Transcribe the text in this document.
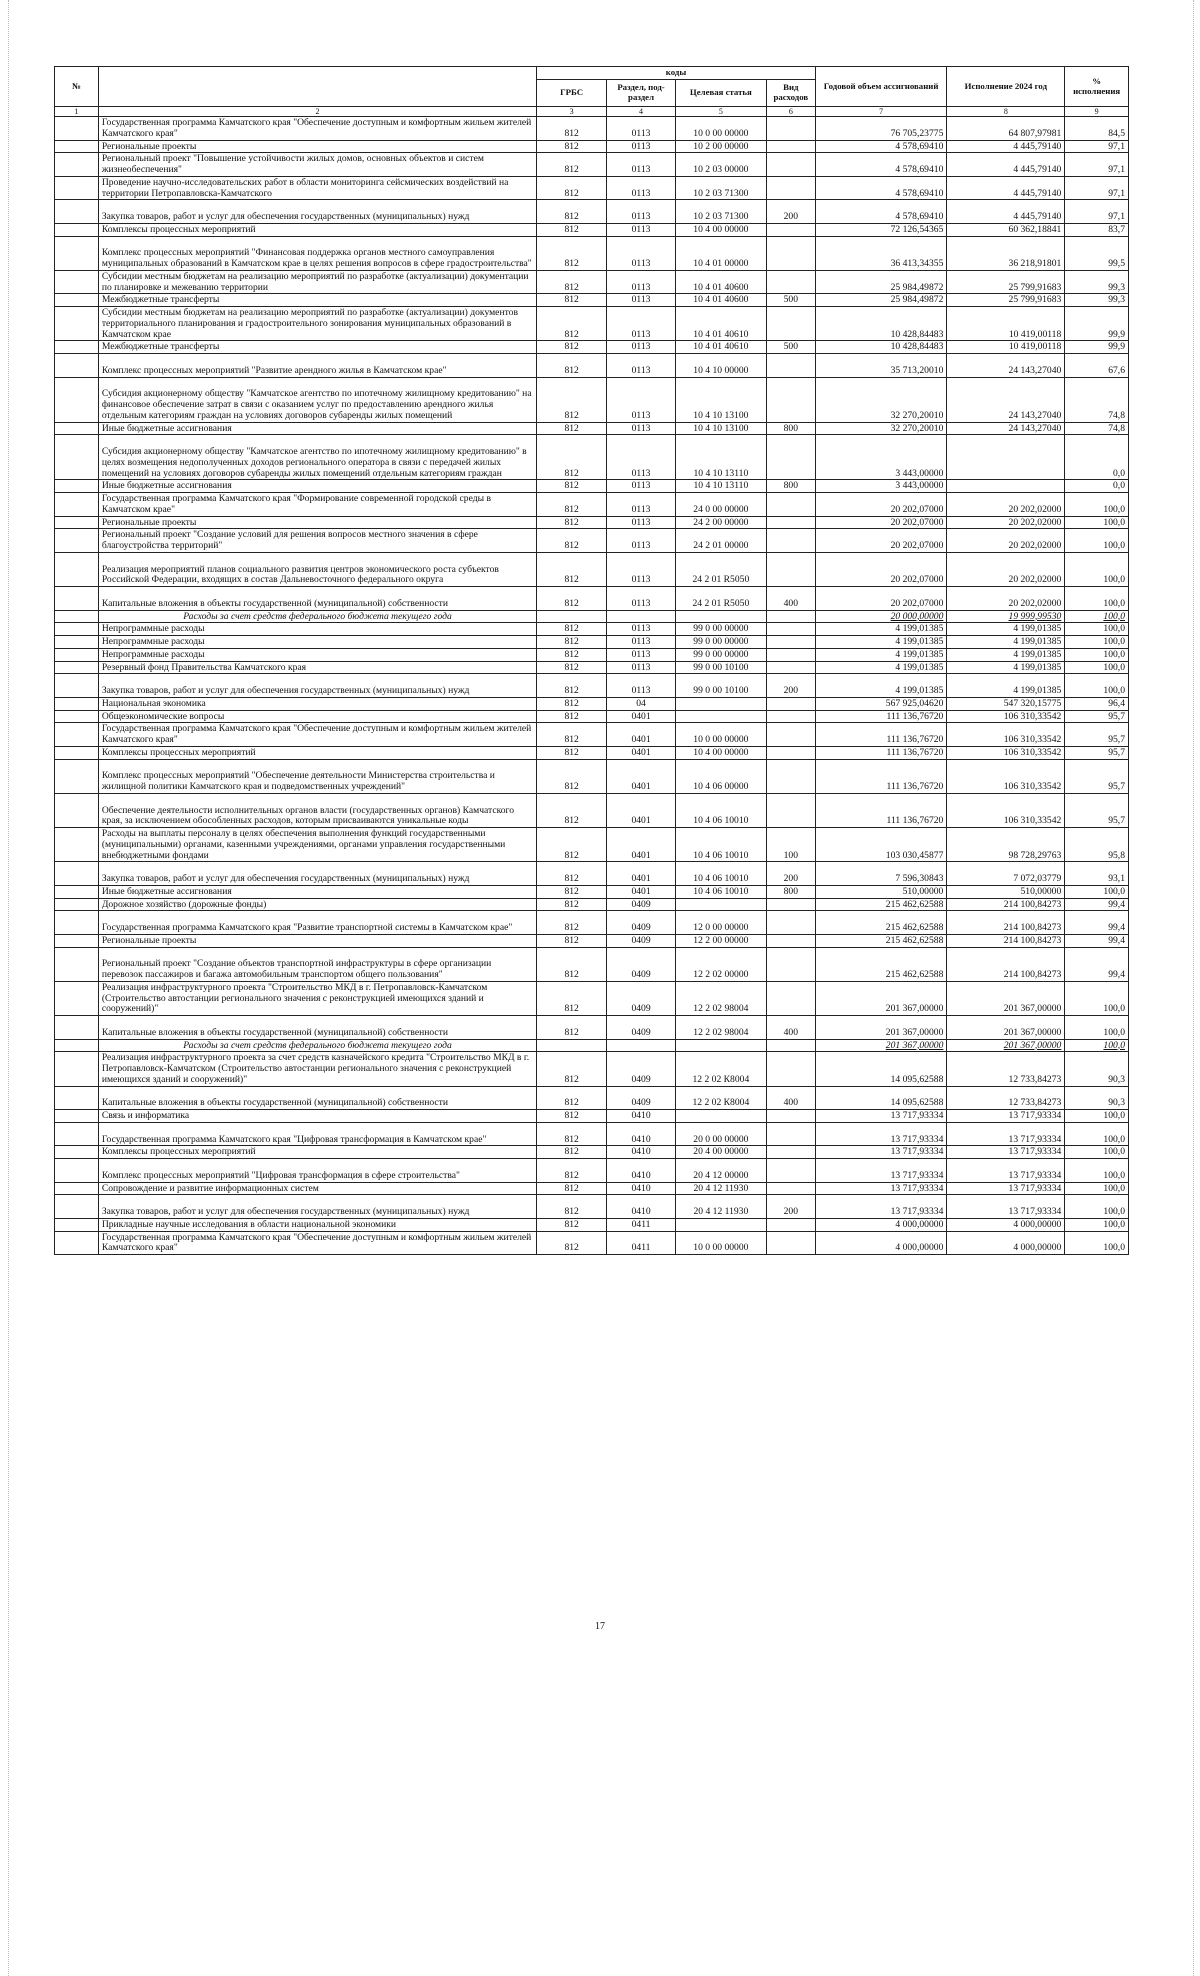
№		коды				Годовой объем ассигнований	Исполнение 2024 год	% исполнения
		ГРБС	Раздел, под-раздел	Целевая статья	Вид расходов			
1	2	3	4	5	6	7	8	9
	Государственная программа Камчатского края "Обеспечение доступным и комфортным жильем жителей Камчатского края"	812	0113	10 0 00 00000		76 705,23775	64 807,97981	84,5
	Региональные проекты	812	0113	10 2 00 00000		4 578,69410	4 445,79140	97,1
	Региональный проект "Повышение устойчивости жилых домов, основных объектов и систем жизнеобеспечения"	812	0113	10 2 03 00000		4 578,69410	4 445,79140	97,1
	Проведение научно-исследовательских работ в области мониторинга сейсмических воздействий на территории Петропавловска-Камчатского	812	0113	10 2 03 71300		4 578,69410	4 445,79140	97,1
	Закупка товаров, работ и услуг для обеспечения государственных (муниципальных) нужд	812	0113	10 2 03 71300	200	4 578,69410	4 445,79140	97,1
	Комплексы процессных мероприятий	812	0113	10 4 00 00000		72 126,54365	60 362,18841	83,7
	Комплекс процессных мероприятий "Финансовая поддержка органов местного самоуправления муниципальных образований в Камчатском крае в целях решения вопросов в сфере градостроительства"	812	0113	10 4 01 00000		36 413,34355	36 218,91801	99,5
	Субсидии местным бюджетам на реализацию мероприятий по разработке (актуализации) документации по планировке и межеванию территории	812	0113	10 4 01 40600		25 984,49872	25 799,91683	99,3
	Межбюджетные трансферты	812	0113	10 4 01 40600	500	25 984,49872	25 799,91683	99,3
	Субсидии местным бюджетам на реализацию мероприятий по разработке (актуализации) документов территориального планирования и градостроительного зонирования муниципальных образований в Камчатском крае	812	0113	10 4 01 40610		10 428,84483	10 419,00118	99,9
	Межбюджетные трансферты	812	0113	10 4 01 40610	500	10 428,84483	10 419,00118	99,9
	Комплекс процессных мероприятий "Развитие арендного жилья в Камчатском крае"	812	0113	10 4 10 00000		35 713,20010	24 143,27040	67,6
	Субсидия акционерному обществу "Камчатское агентство по ипотечному жилищному кредитованию" на финансовое обеспечение затрат в связи с оказанием услуг по предоставлению арендного жилья отдельным категориям граждан на условиях договоров субаренды жилых помещений	812	0113	10 4 10 13100		32 270,20010	24 143,27040	74,8
	Иные бюджетные ассигнования	812	0113	10 4 10 13100	800	32 270,20010	24 143,27040	74,8
	Субсидия акционерному обществу "Камчатское агентство по ипотечному жилищному кредитованию" в целях возмещения недополученных доходов регионального оператора в связи с передачей жилых помещений на условиях договоров субаренды жилых помещений отдельным категориям граждан	812	0113	10 4 10 13110		3 443,00000		0,0
	Иные бюджетные ассигнования	812	0113	10 4 10 13110	800	3 443,00000		0,0
	Государственная программа Камчатского края "Формирование современной городской среды в Камчатском крае"	812	0113	24 0 00 00000		20 202,07000	20 202,02000	100,0
	Региональные проекты	812	0113	24 2 00 00000		20 202,07000	20 202,02000	100,0
	Региональный проект "Создание условий для решения вопросов местного значения в сфере благоустройства территорий"	812	0113	24 2 01 00000		20 202,07000	20 202,02000	100,0
	Реализация мероприятий планов социального развития центров экономического роста субъектов Российской Федерации, входящих в состав Дальневосточного федерального округа	812	0113	24 2 01 R5050		20 202,07000	20 202,02000	100,0
	Капитальные вложения в объекты государственной (муниципальной) собственности	812	0113	24 2 01 R5050	400	20 202,07000	20 202,02000	100,0
	Расходы за счет средств федерального бюджета текущего года					20 000,00000	19 999,99530	100,0
	Непрограммные расходы	812	0113	99 0 00 00000		4 199,01385	4 199,01385	100,0
	Непрограммные расходы	812	0113	99 0 00 00000		4 199,01385	4 199,01385	100,0
	Непрограммные расходы	812	0113	99 0 00 00000		4 199,01385	4 199,01385	100,0
	Резервный фонд Правительства Камчатского края	812	0113	99 0 00 10100		4 199,01385	4 199,01385	100,0
	Закупка товаров, работ и услуг для обеспечения государственных (муниципальных) нужд	812	0113	99 0 00 10100	200	4 199,01385	4 199,01385	100,0
	Национальная экономика	812	04			567 925,04620	547 320,15775	96,4
	Общеэкономические вопросы	812	0401			111 136,76720	106 310,33542	95,7
	Государственная программа Камчатского края "Обеспечение доступным и комфортным жильем жителей Камчатского края"	812	0401	10 0 00 00000		111 136,76720	106 310,33542	95,7
	Комплексы процессных мероприятий	812	0401	10 4 00 00000		111 136,76720	106 310,33542	95,7
	Комплекс процессных мероприятий "Обеспечение деятельности Министерства строительства и жилищной политики Камчатского края и подведомственных учреждений"	812	0401	10 4 06 00000		111 136,76720	106 310,33542	95,7
	Обеспечение деятельности исполнительных органов власти (государственных органов) Камчатского края, за исключением обособленных расходов, которым присваиваются уникальные коды	812	0401	10 4 06 10010		111 136,76720	106 310,33542	95,7
	Расходы на выплаты персоналу в целях обеспечения выполнения функций государственными (муниципальными) органами, казенными учреждениями, органами управления государственными внебюджетными фондами	812	0401	10 4 06 10010	100	103 030,45877	98 728,29763	95,8
	Закупка товаров, работ и услуг для обеспечения государственных (муниципальных) нужд	812	0401	10 4 06 10010	200	7 596,30843	7 072,03779	93,1
	Иные бюджетные ассигнования	812	0401	10 4 06 10010	800	510,00000	510,00000	100,0
	Дорожное хозяйство (дорожные фонды)	812	0409			215 462,62588	214 100,84273	99,4
	Государственная программа Камчатского края "Развитие транспортной системы в Камчатском крае"	812	0409	12 0 00 00000		215 462,62588	214 100,84273	99,4
	Региональные проекты	812	0409	12 2 00 00000		215 462,62588	214 100,84273	99,4
	Региональный проект "Создание объектов транспортной инфраструктуры в сфере организации перевозок пассажиров и багажа автомобильным транспортом общего пользования"	812	0409	12 2 02 00000		215 462,62588	214 100,84273	99,4
	Реализация инфраструктурного проекта "Строительство МКД в г. Петропавловск-Камчатском (Строительство автостанции регионального значения с реконструкцией имеющихся зданий и сооружений)"	812	0409	12 2 02 98004		201 367,00000	201 367,00000	100,0
	Капитальные вложения в объекты государственной (муниципальной) собственности	812	0409	12 2 02 98004	400	201 367,00000	201 367,00000	100,0
	Расходы за счет средств федерального бюджета текущего года					201 367,00000	201 367,00000	100,0
	Реализация инфраструктурного проекта за счет средств казначейского кредита "Строительство МКД в г. Петропавловск-Камчатском (Строительство автостанции регионального значения с реконструкцией имеющихся зданий и сооружений)"	812	0409	12 2 02 К8004		14 095,62588	12 733,84273	90,3
	Капитальные вложения в объекты государственной (муниципальной) собственности	812	0409	12 2 02 К8004	400	14 095,62588	12 733,84273	90,3
	Связь и информатика	812	0410			13 717,93334	13 717,93334	100,0
	Государственная программа Камчатского края "Цифровая трансформация в Камчатском крае"	812	0410	20 0 00 00000		13 717,93334	13 717,93334	100,0
	Комплексы процессных мероприятий	812	0410	20 4 00 00000		13 717,93334	13 717,93334	100,0
	Комплекс процессных мероприятий "Цифровая трансформация в сфере строительства"	812	0410	20 4 12 00000		13 717,93334	13 717,93334	100,0
	Сопровождение и развитие информационных систем	812	0410	20 4 12 11930		13 717,93334	13 717,93334	100,0
	Закупка товаров, работ и услуг для обеспечения государственных (муниципальных) нужд	812	0410	20 4 12 11930	200	13 717,93334	13 717,93334	100,0
	Прикладные научные исследования в области национальной экономики	812	0411			4 000,00000	4 000,00000	100,0
	Государственная программа Камчатского края "Обеспечение доступным и комфортным жильем жителей Камчатского края"	812	0411	10 0 00 00000		4 000,00000	4 000,00000	100,0
17
